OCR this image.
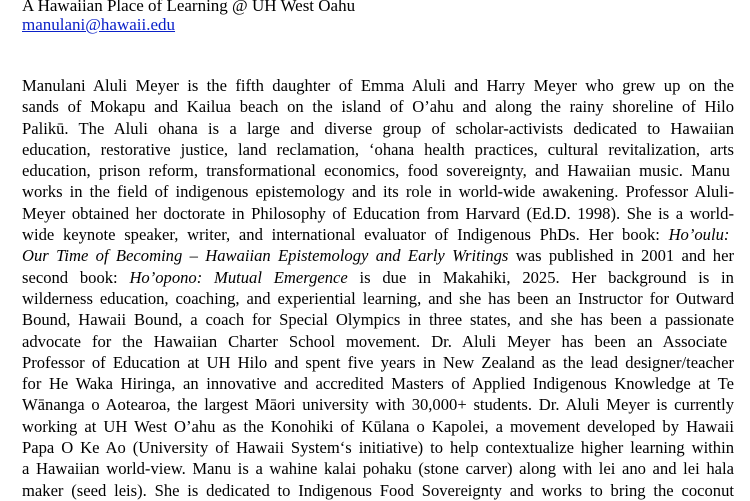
A Hawaiian Place of Learning @ UH West Oahu

manulani@hawaii.edu
Manulani Aluli Meyer is the fifth daughter of Emma Aluli and Harry Meyer who grew up on the
sands of Mokapu and Kailua beach on the island of O’ahu and along the rainy shoreline of Hilo
Palikū. The Aluli ohana is a large and diverse group of scholar-activists dedicated to Hawaiian
education, restorative justice, land reclamation, ‘ohana health practices, cultural revitalization, arts
education, prison reform, transformational economics, food sovereignty, and Hawaiian music. Manu
works in the field of indigenous epistemology and its role in world-wide awakening. Professor Aluli-
Meyer obtained her doctorate in Philosophy of Education from Harvard (Ed.D. 1998). She is a world-
wide keynote speaker, writer, and international evaluator of Indigenous PhDs. Her book: Ho’oulu:
Our Time of Becoming – Hawaiian Epistemology and Early Writings was published in 2001 and her
second book: Ho’opono: Mutual Emergence is due in Makahiki, 2025. Her background is in
wilderness education, coaching, and experiential learning, and she has been an Instructor for Outward
Bound, Hawaii Bound, a coach for Special Olympics in three states, and she has been a passionate
advocate for the Hawaiian Charter School movement. Dr. Aluli Meyer has been an Associate
Professor of Education at UH Hilo and spent five years in New Zealand as the lead designer/teacher
for He Waka Hiringa, an innovative and accredited Masters of Applied Indigenous Knowledge at Te
Wānanga o Aotearoa, the largest Māori university with 30,000+ students. Dr. Aluli Meyer is currently
working at UH West O’ahu as the Konohiki of Kūlana o Kapolei, a movement developed by Hawaii
Papa O Ke Ao (University of Hawaii System‘s initiative) to help contextualize higher learning within
a Hawaiian world-view. Manu is a wahine kalai pohaku (stone carver) along with lei ano and lei hala
maker (seed leis). She is dedicated to Indigenous Food Sovereignty and works to bring the coconut
